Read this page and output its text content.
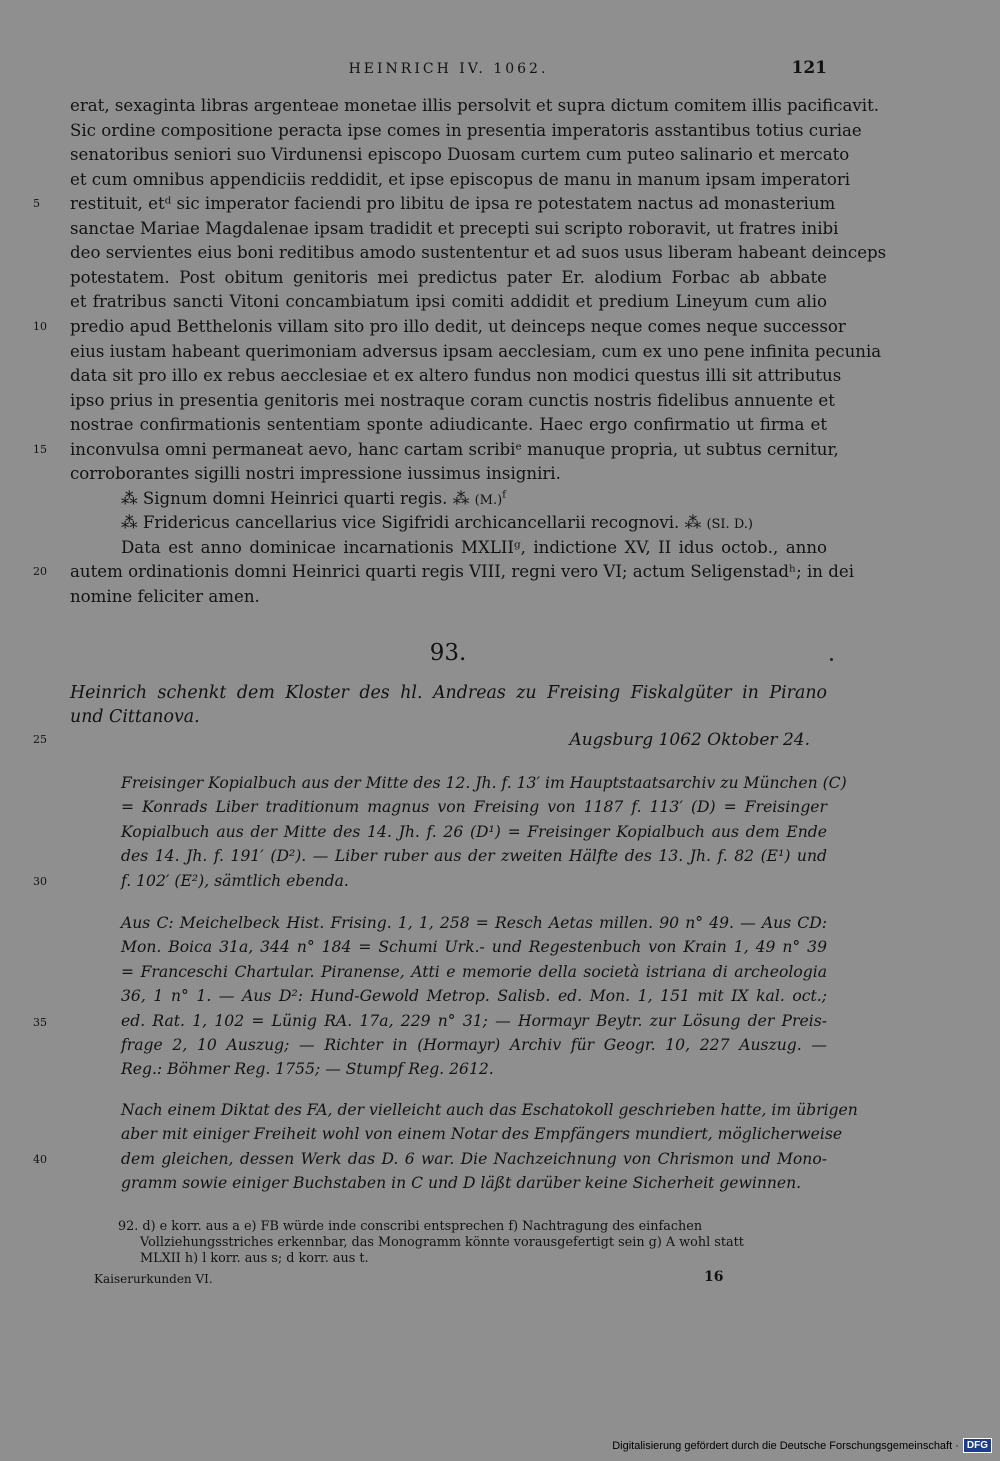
HEINRICH IV. 1062.	121
erat, sexaginta libras argenteae monetae illis persolvit et supra dictum comitem illis pacificavit.
Sic ordine compositione peracta ipse comes in presentia imperatoris asstantibus totius curiae
senatoribus seniori suo Virdunensi episcopo Duosam curtem cum puteo salinario et mercato
et cum omnibus appendiciis reddidit, et ipse episcopus de manu in manum ipsam imperatori
restituit, etᵈ sic imperator faciendi pro libitu de ipsa re potestatem nactus ad monasterium
sanctae Mariae Magdalenae ipsam tradidit et precepti sui scripto roboravit, ut fratres inibi
deo servientes eius boni reditibus amodo sustententur et ad suos usus liberam habeant deinceps
potestatem. Post obitum genitoris mei predictus pater Er. alodium Forbac ab abbate
et fratribus sancti Vitoni concambiatum ipsi comiti addidit et predium Lineyum cum alio
predio apud Betthelonis villam sito pro illo dedit, ut deinceps neque comes neque successor
eius iustam habeant querimoniam adversus ipsam aecclesiam, cum ex uno pene infinita pecunia
data sit pro illo ex rebus aecclesiae et ex altero fundus non modici questus illi sit attributus
ipso prius in presentia genitoris mei nostraque coram cunctis nostris fidelibus annuente et
nostrae confirmationis sententiam sponte adiudicante. Haec ergo confirmatio ut firma et
inconvulsa omni permaneat aevo, hanc cartam scribiᵉ manuque propria, ut subtus cernitur,
corroborantes sigilli nostri impressione iussimus insigniri.
⁂ Signum domni Heinrici quarti regis. ⁂ $(M.)^f$
⁂ Fridericus cancellarius vice Sigifridi archicancellarii recognovi. ⁂ (SI. D.)
Data est anno dominicae incarnationis MXLIIᵍ, indictione XV, II idus octob., anno
autem ordinationis domni Heinrici quarti regis VIII, regni vero VI; actum Seligenstadʰ; in dei
nomine feliciter amen.
5
10
15
20
25
30
35
40
93.
Heinrich schenkt dem Kloster des hl. Andreas zu Freising Fiskalgüter in Pirano
und Cittanova.
Augsburg 1062 Oktober 24.
Freisinger Kopialbuch aus der Mitte des 12. Jh. f. 13′ im Hauptstaatsarchiv zu München (C)
= Konrads Liber traditionum magnus von Freising von 1187 f. 113′ (D) = Freisinger
Kopialbuch aus der Mitte des 14. Jh. f. 26 (D¹) = Freisinger Kopialbuch aus dem Ende
des 14. Jh. f. 191′ (D²). — Liber ruber aus der zweiten Hälfte des 13. Jh. f. 82 (E¹) und
f. 102′ (E²), sämtlich ebenda.
Aus C: Meichelbeck Hist. Frising. 1, 1, 258 = Resch Aetas millen. 90 n° 49. — Aus CD:
Mon. Boica 31a, 344 n° 184 = Schumi Urk.- und Regestenbuch von Krain 1, 49 n° 39
= Franceschi Chartular. Piranense, Atti e memorie della società istriana di archeologia
36, 1 n° 1. — Aus D²: Hund-Gewold Metrop. Salisb. ed. Mon. 1, 151 mit IX kal. oct.;
ed. Rat. 1, 102 = Lünig RA. 17a, 229 n° 31; — Hormayr Beytr. zur Lösung der Preis-
frage 2, 10 Auszug; — Richter in (Hormayr) Archiv für Geogr. 10, 227 Auszug. —
Reg.: Böhmer Reg. 1755; — Stumpf Reg. 2612.
Nach einem Diktat des FA, der vielleicht auch das Eschatokoll geschrieben hatte, im übrigen
aber mit einiger Freiheit wohl von einem Notar des Empfängers mundiert, möglicherweise
dem gleichen, dessen Werk das D. 6 war. Die Nachzeichnung von Chrismon und Mono-
gramm sowie einiger Buchstaben in C und D läßt darüber keine Sicherheit gewinnen.
92. d) e korr. aus a e) FB würde inde conscribi entsprechen f) Nachtragung des einfachen
Vollziehungsstriches erkennbar, das Monogramm könnte vorausgefertigt sein g) A wohl statt
MLXII h) l korr. aus s; d korr. aus t.
Kaiserurkunden VI.	16
Digitalisierung gefördert durch die Deutsche Forschungsgemeinschaft · DFG
